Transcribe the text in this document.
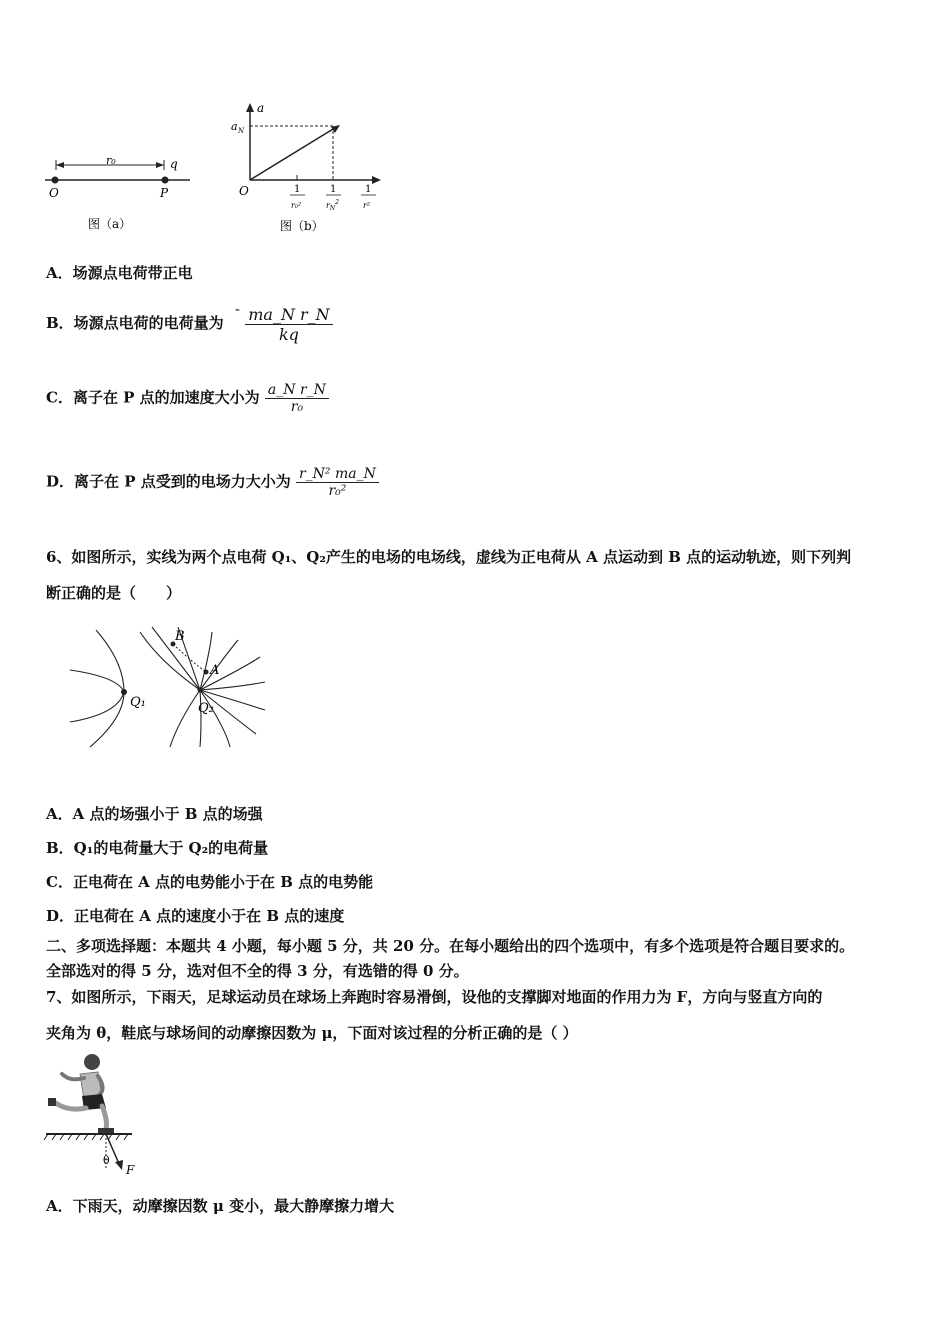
r₀	q
O	P
图（a）
a
a N
O	1
r₀²
1
$r_N^2$
1
r²
图（b）
A．场源点电荷带正电
B．场源点电荷的电荷量为 - $\frac{\text{ma\_N r\_N}}{kq}$
C．离子在 P 点的加速度大小为 $\frac{\text{a\_N r\_N}}{\text{r₀}}$
D．离子在 P 点受到的电场力大小为 $\frac{\text{r\_N² ma\_N}}{\text{r₀²}}$
6、如图所示，实线为两个点电荷 Q₁、Q₂产生的电场的电场线，虚线为正电荷从 A 点运动到 B 点的运动轨迹，则下列判
断正确的是（　　）
B
A
Q₁	Q₂
A．A 点的场强小于 B 点的场强
B．Q₁的电荷量大于 Q₂的电荷量
C．正电荷在 A 点的电势能小于在 B 点的电势能
D．正电荷在 A 点的速度小于在 B 点的速度
二、多项选择题：本题共 4 小题，每小题 5 分，共 20 分。在每小题给出的四个选项中，有多个选项是符合题目要求的。
全部选对的得 5 分，选对但不全的得 3 分，有选错的得 0 分。
7、如图所示，下雨天，足球运动员在球场上奔跑时容易滑倒，设他的支撑脚对地面的作用力为 F，方向与竖直方向的
夹角为 θ，鞋底与球场间的动摩擦因数为 μ，下面对该过程的分析正确的是（ ）
θ
F
A．下雨天，动摩擦因数 μ 变小，最大静摩擦力增大
